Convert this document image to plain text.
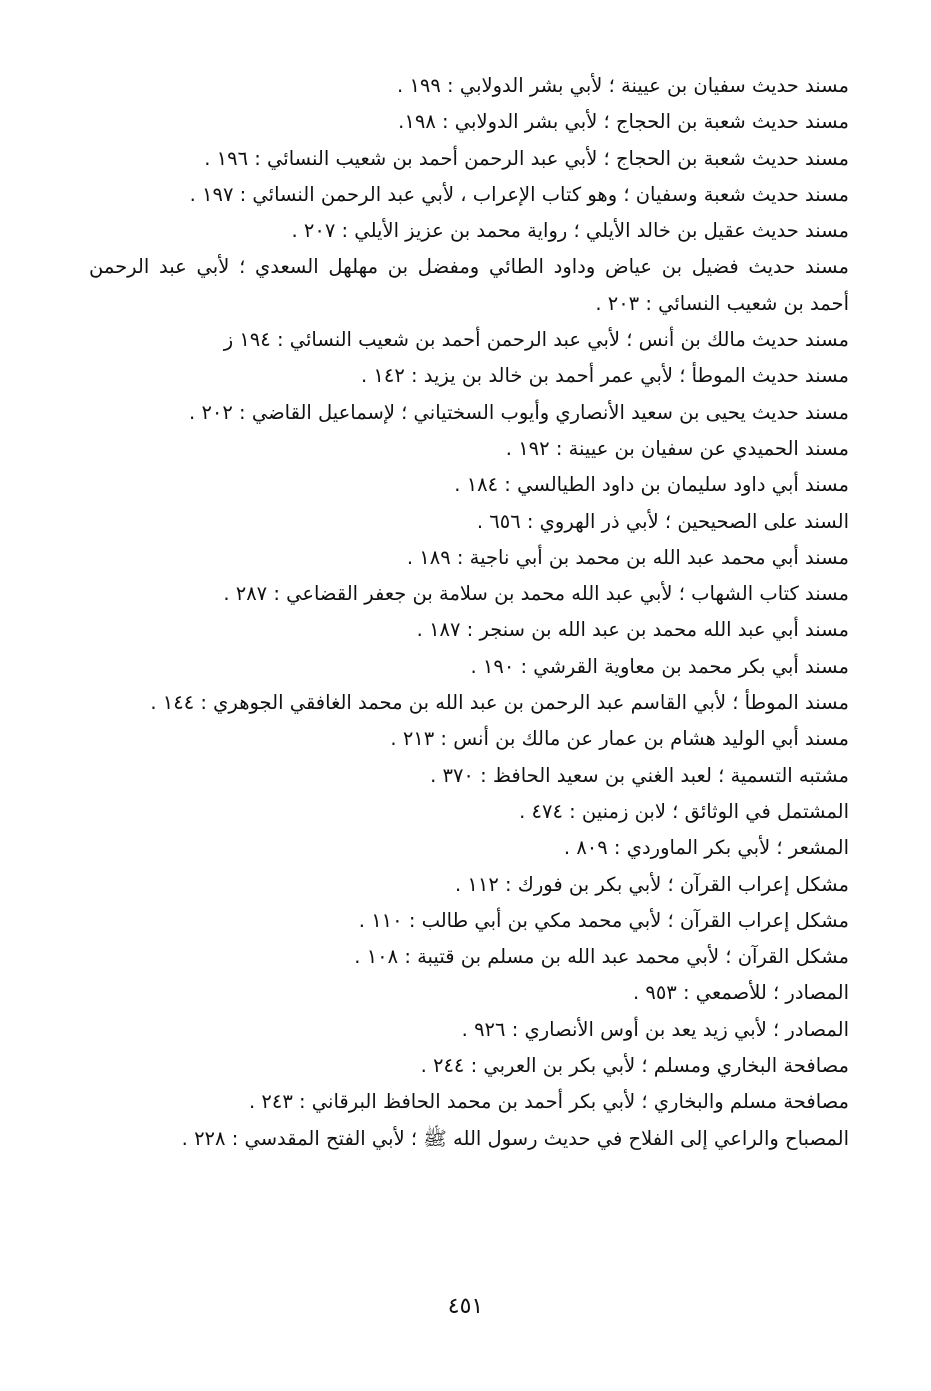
مسند حديث سفيان بن عيينة ؛ لأبي بشر الدولابي : ١٩٩ .
مسند حديث شعبة بن الحجاج ؛ لأبي بشر الدولابي : ١٩٨.
مسند حديث شعبة بن الحجاج ؛ لأبي عبد الرحمن أحمد بن شعيب النسائي : ١٩٦ .
مسند حديث شعبة وسفيان ؛ وهو كتاب الإعراب ، لأبي عبد الرحمن النسائي : ١٩٧ .
مسند حديث عقيل بن خالد الأيلي ؛ رواية محمد بن عزيز الأيلي : ٢٠٧ .
مسند حديث فضيل بن عياض وداود الطائي ومفضل بن مهلهل السعدي ؛ لأبي عبد الرحمن
أحمد بن شعيب النسائي : ٢٠٣ .
مسند حديث مالك بن أنس ؛ لأبي عبد الرحمن أحمد بن شعيب النسائي : ١٩٤ ز
مسند حديث الموطأ ؛ لأبي عمر أحمد بن خالد بن يزيد : ١٤٢ .
مسند حديث يحيى بن سعيد الأنصاري وأيوب السختياني ؛ لإسماعيل القاضي : ٢٠٢ .
مسند الحميدي عن سفيان بن عيينة : ١٩٢ .
مسند أبي داود سليمان بن داود الطيالسي : ١٨٤ .
السند على الصحيحين ؛ لأبي ذر الهروي : ٦٥٦ .
مسند أبي محمد عبد الله بن محمد بن أبي ناجية : ١٨٩ .
مسند كتاب الشهاب ؛ لأبي عبد الله محمد بن سلامة بن جعفر القضاعي : ٢٨٧ .
مسند أبي عبد الله محمد بن عبد الله بن سنجر : ١٨٧ .
مسند أبي بكر محمد بن معاوية القرشي : ١٩٠ .
مسند الموطأ ؛ لأبي القاسم عبد الرحمن بن عبد الله بن محمد الغافقي الجوهري : ١٤٤ .
مسند أبي الوليد هشام بن عمار عن مالك بن أنس : ٢١٣ .
مشتبه التسمية ؛ لعبد الغني بن سعيد الحافظ : ٣٧٠ .
المشتمل في الوثائق ؛ لابن زمنين : ٤٧٤ .
المشعر ؛ لأبي بكر الماوردي : ٨٠٩ .
مشكل إعراب القرآن ؛ لأبي بكر بن فورك : ١١٢ .
مشكل إعراب القرآن ؛ لأبي محمد مكي بن أبي طالب : ١١٠ .
مشكل القرآن ؛ لأبي محمد عبد الله بن مسلم بن قتيبة : ١٠٨ .
المصادر ؛ للأصمعي : ٩٥٣ .
المصادر ؛ لأبي زيد يعد بن أوس الأنصاري : ٩٢٦ .
مصافحة البخاري ومسلم ؛ لأبي بكر بن العربي : ٢٤٤ .
مصافحة مسلم والبخاري ؛ لأبي بكر أحمد بن محمد الحافظ البرقاني : ٢٤٣ .
المصباح والراعي إلى الفلاح في حديث رسول الله ﷺ ؛ لأبي الفتح المقدسي : ٢٢٨ .
٤٥١
